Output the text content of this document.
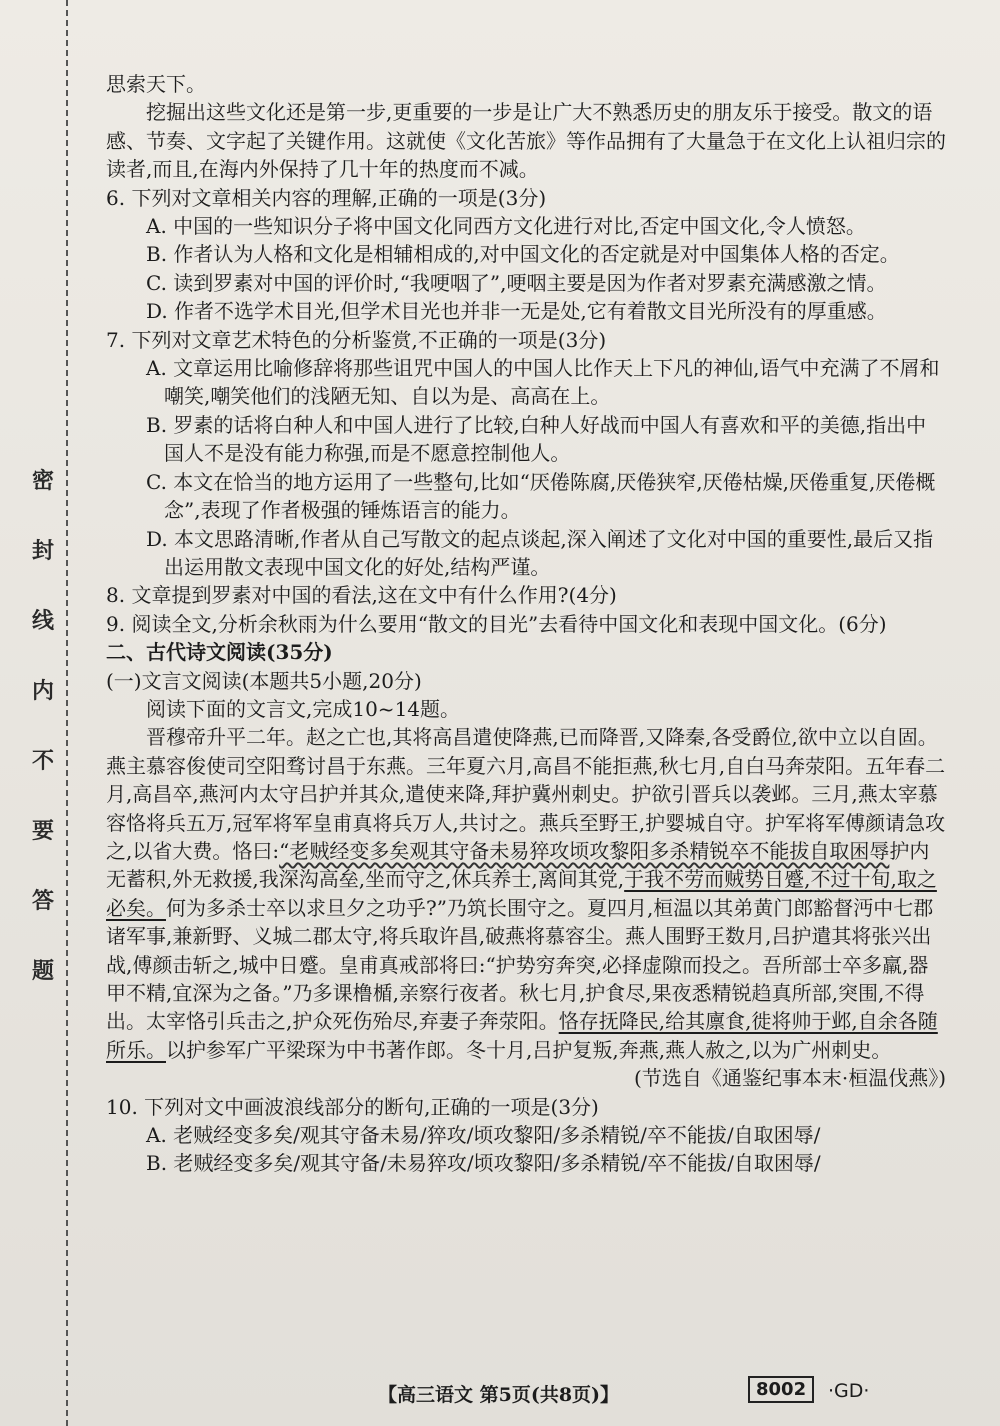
密
封
线
内
不
要
答
题

思索天下。

挖掘出这些文化还是第一步,更重要的一步是让广大不熟悉历史的朋友乐于接受。散文的语感、节奏、文字起了关键作用。这就使《文化苦旅》等作品拥有了大量急于在文化上认祖归宗的读者,而且,在海内外保持了几十年的热度而不减。

6. 下列对文章相关内容的理解,正确的一项是(3分)

A. 中国的一些知识分子将中国文化同西方文化进行对比,否定中国文化,令人愤怒。

B. 作者认为人格和文化是相辅相成的,对中国文化的否定就是对中国集体人格的否定。

C. 读到罗素对中国的评价时,“我哽咽了”,哽咽主要是因为作者对罗素充满感激之情。

D. 作者不选学术目光,但学术目光也并非一无是处,它有着散文目光所没有的厚重感。

7. 下列对文章艺术特色的分析鉴赏,不正确的一项是(3分)

A. 文章运用比喻修辞将那些诅咒中国人的中国人比作天上下凡的神仙,语气中充满了不屑和嘲笑,嘲笑他们的浅陋无知、自以为是、高高在上。

B. 罗素的话将白种人和中国人进行了比较,白种人好战而中国人有喜欢和平的美德,指出中国人不是没有能力称强,而是不愿意控制他人。

C. 本文在恰当的地方运用了一些整句,比如“厌倦陈腐,厌倦狭窄,厌倦枯燥,厌倦重复,厌倦概念”,表现了作者极强的锤炼语言的能力。

D. 本文思路清晰,作者从自己写散文的起点谈起,深入阐述了文化对中国的重要性,最后又指出运用散文表现中国文化的好处,结构严谨。

8. 文章提到罗素对中国的看法,这在文中有什么作用?(4分)

9. 阅读全文,分析余秋雨为什么要用“散文的目光”去看待中国文化和表现中国文化。(6分)

二、古代诗文阅读(35分)

(一)文言文阅读(本题共5小题,20分)

阅读下面的文言文,完成10~14题。

晋穆帝升平二年。赵之亡也,其将高昌遣使降燕,已而降晋,又降秦,各受爵位,欲中立以自固。燕主慕容俊使司空阳骛讨昌于东燕。三年夏六月,高昌不能拒燕,秋七月,自白马奔荥阳。五年春二月,高昌卒,燕河内太守吕护并其众,遣使来降,拜护冀州刺史。护欲引晋兵以袭邺。三月,燕太宰慕容恪将兵五万,冠军将军皇甫真将兵万人,共讨之。燕兵至野王,护婴城自守。护军将军傅颜请急攻之,以省大费。恪曰:“老贼经变多矣观其守备未易猝攻顷攻黎阳多杀精锐卒不能拔自取困辱护内无蓄积,外无救援,我深沟高垒,坐而守之,休兵养士,离间其党,于我不劳而贼势日蹙,不过十旬,取之必矣。何为多杀士卒以求旦夕之功乎?”乃筑长围守之。夏四月,桓温以其弟黄门郎豁督沔中七郡诸军事,兼新野、义城二郡太守,将兵取许昌,破燕将慕容尘。燕人围野王数月,吕护遣其将张兴出战,傅颜击斩之,城中日蹙。皇甫真戒部将曰:“护势穷奔突,必择虚隙而投之。吾所部士卒多羸,器甲不精,宜深为之备。”乃多课橹楯,亲察行夜者。秋七月,护食尽,果夜悉精锐趋真所部,突围,不得出。太宰恪引兵击之,护众死伤殆尽,弃妻子奔荥阳。恪存抚降民,给其廪食,徙将帅于邺,自余各随所乐。以护参军广平梁琛为中书著作郎。冬十月,吕护复叛,奔燕,燕人赦之,以为广州刺史。

(节选自《通鉴纪事本末·桓温伐燕》)

10. 下列对文中画波浪线部分的断句,正确的一项是(3分)

A. 老贼经变多矣/观其守备未易/猝攻/顷攻黎阳/多杀精锐/卒不能拔/自取困辱/

B. 老贼经变多矣/观其守备/未易猝攻/顷攻黎阳/多杀精锐/卒不能拔/自取困辱/

【高三语文 第5页(共8页)】	8002	·GD·
